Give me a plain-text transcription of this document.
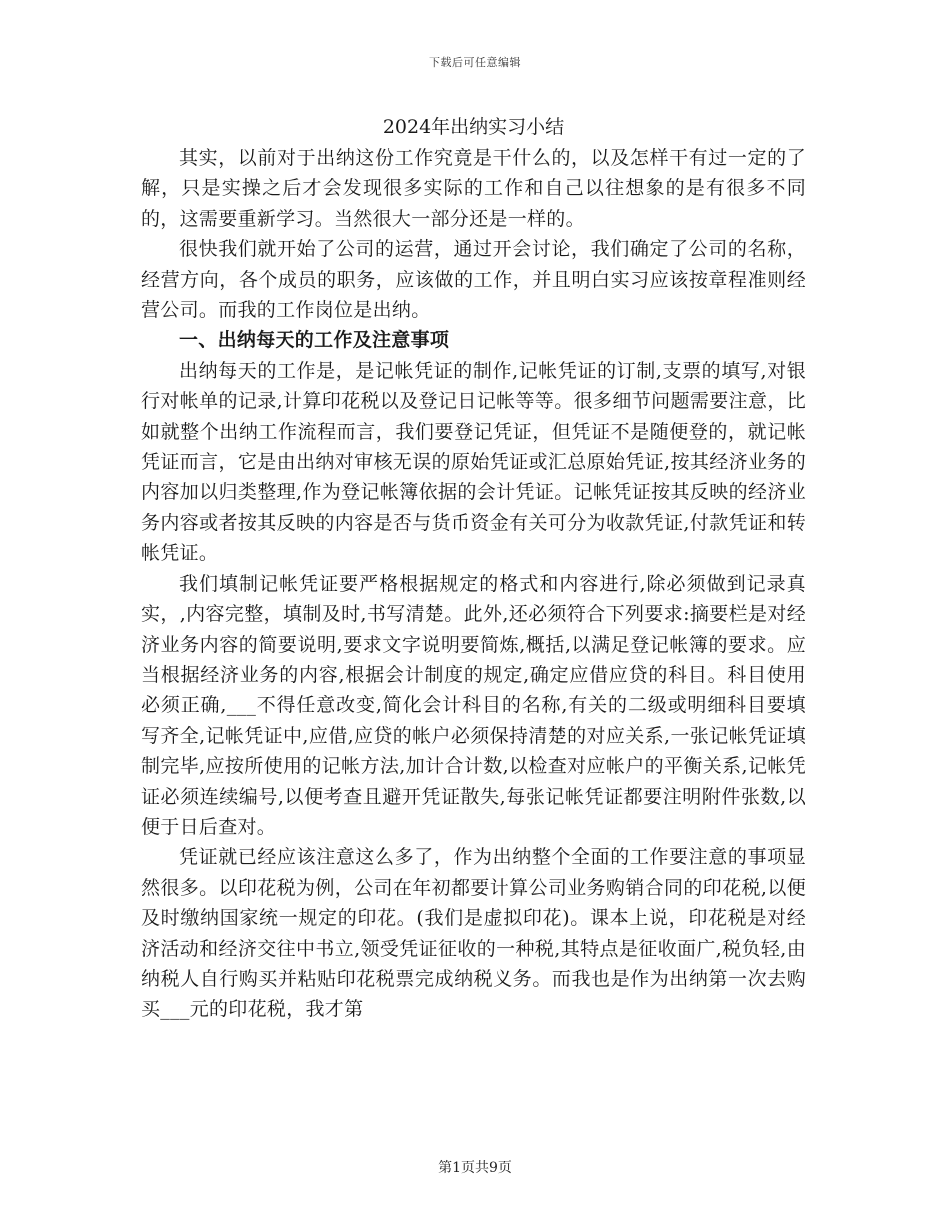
下载后可任意编辑
2024年出纳实习小结

其实，以前对于出纳这份工作究竟是干什么的，以及怎样干有过一定的了解，只是实操之后才会发现很多实际的工作和自己以往想象的是有很多不同的，这需要重新学习。当然很大一部分还是一样的。

很快我们就开始了公司的运营，通过开会讨论，我们确定了公司的名称，经营方向，各个成员的职务，应该做的工作，并且明白实习应该按章程准则经营公司。而我的工作岗位是出纳。

一、出纳每天的工作及注意事项

出纳每天的工作是，是记帐凭证的制作,记帐凭证的订制,支票的填写,对银行对帐单的记录,计算印花税以及登记日记帐等等。很多细节问题需要注意，比如就整个出纳工作流程而言，我们要登记凭证，但凭证不是随便登的，就记帐凭证而言，它是由出纳对审核无误的原始凭证或汇总原始凭证,按其经济业务的内容加以归类整理,作为登记帐簿依据的会计凭证。记帐凭证按其反映的经济业务内容或者按其反映的内容是否与货币资金有关可分为收款凭证,付款凭证和转帐凭证。

我们填制记帐凭证要严格根据规定的格式和内容进行,除必须做到记录真实，,内容完整，填制及时,书写清楚。此外,还必须符合下列要求:摘要栏是对经济业务内容的简要说明,要求文字说明要简炼,概括,以满足登记帐簿的要求。应当根据经济业务的内容,根据会计制度的规定,确定应借应贷的科目。科目使用必须正确,___不得任意改变,简化会计科目的名称,有关的二级或明细科目要填写齐全,记帐凭证中,应借,应贷的帐户必须保持清楚的对应关系,一张记帐凭证填制完毕,应按所使用的记帐方法,加计合计数,以检查对应帐户的平衡关系,记帐凭证必须连续编号,以便考查且避开凭证散失,每张记帐凭证都要注明附件张数,以便于日后查对。

凭证就已经应该注意这么多了，作为出纳整个全面的工作要注意的事项显然很多。以印花税为例，公司在年初都要计算公司业务购销合同的印花税,以便及时缴纳国家统一规定的印花。(我们是虚拟印花)。课本上说，印花税是对经济活动和经济交往中书立,领受凭证征收的一种税,其特点是征收面广,税负轻,由纳税人自行购买并粘贴印花税票完成纳税义务。而我也是作为出纳第一次去购买___元的印花税，我才第

第1页共9页
